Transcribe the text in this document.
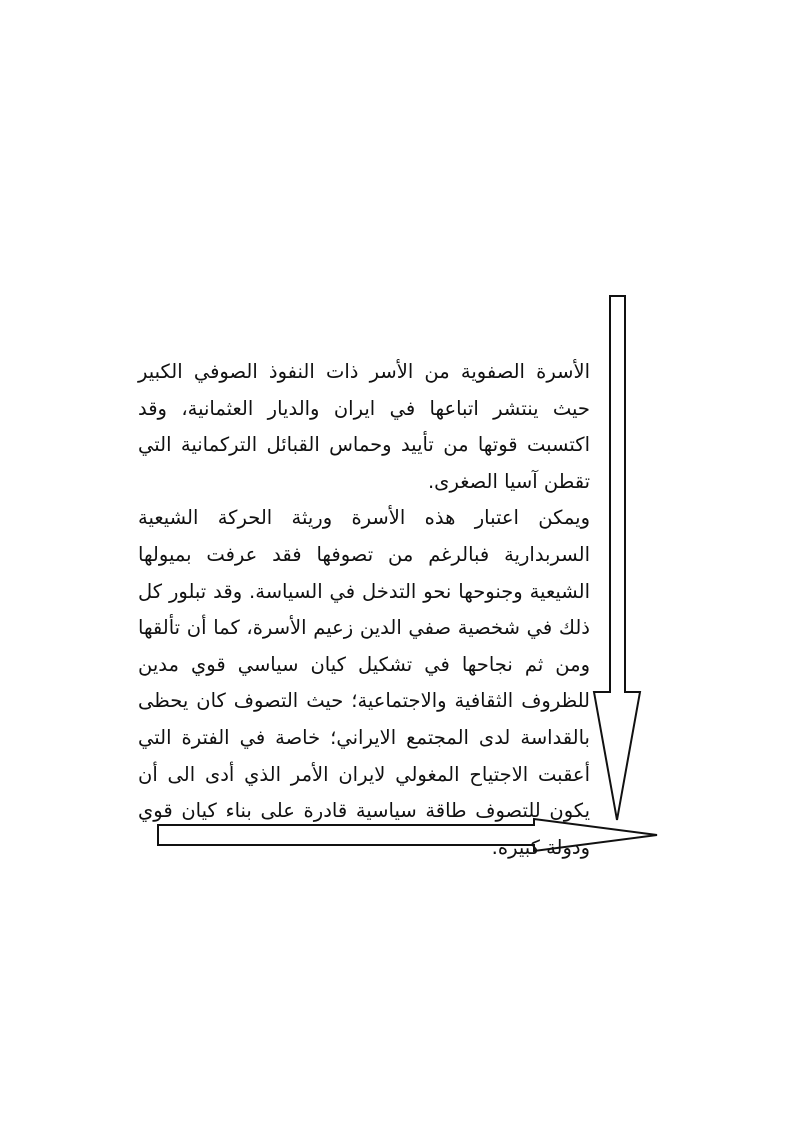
الأسرة الصفوية من الأسر ذات النفوذ الصوفي الكبير حيث ينتشر اتباعها في ايران والديار العثمانية، وقد اكتسبت قوتها من تأييد وحماس القبائل التركمانية التي تقطن آسيا الصغرى.

ويمكن اعتبار هذه الأسرة وريثة الحركة الشيعية السربدارية فبالرغم من تصوفها فقد عرفت بميولها الشيعية وجنوحها نحو التدخل في السياسة. وقد تبلور كل ذلك في شخصية صفي الدين زعيم الأسرة، كما أن تألقها ومن ثم نجاحها في تشكيل كيان سياسي قوي مدين للظروف الثقافية والاجتماعية؛ حيث التصوف كان يحظى بالقداسة لدى المجتمع الايراني؛ خاصة في الفترة التي أعقبت الاجتياح المغولي لايران الأمر الذي أدى الى أن يكون للتصوف طاقة سياسية قادرة على بناء كيان قوي ودولة كبيرة.
